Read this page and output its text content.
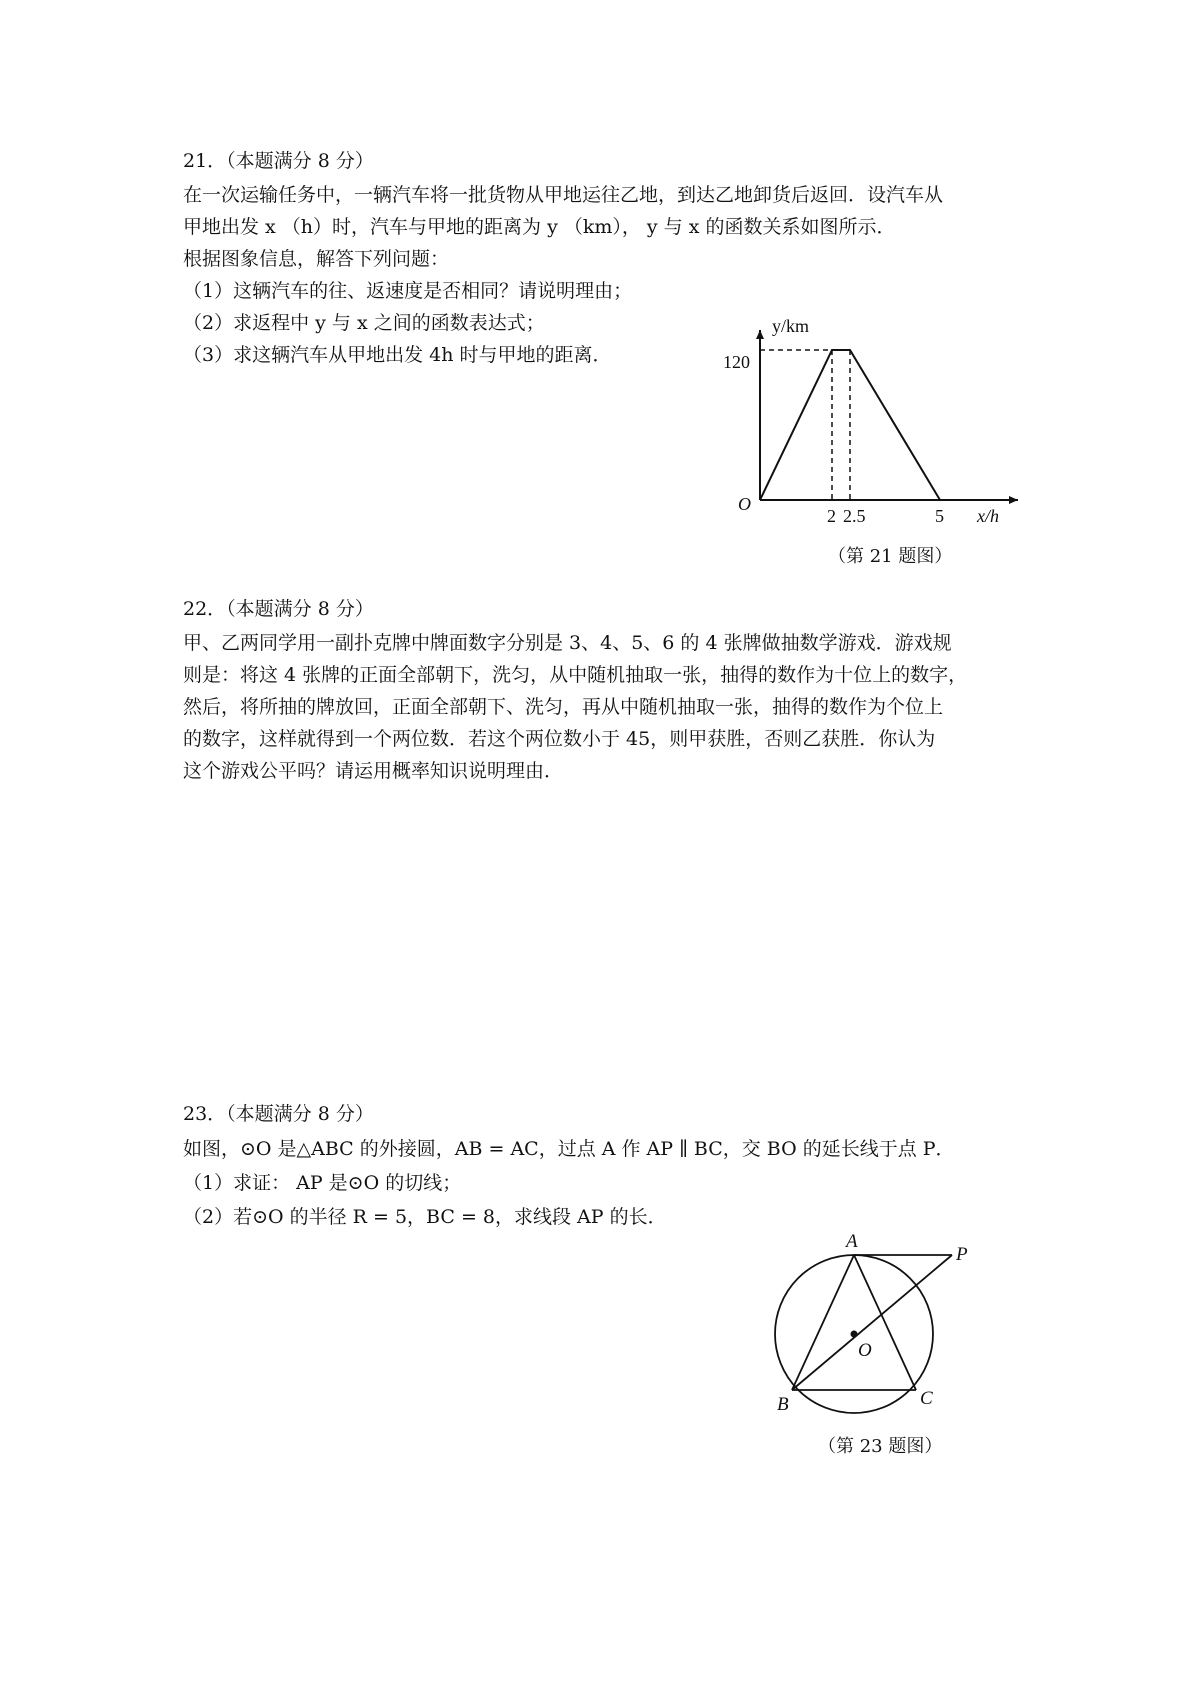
21．（本题满分 8 分）
在一次运输任务中，一辆汽车将一批货物从甲地运往乙地，到达乙地卸货后返回．设汽车从
甲地出发 x （h）时，汽车与甲地的距离为 y （km）， y 与 x 的函数关系如图所示．
根据图象信息，解答下列问题：
（1）这辆汽车的往、返速度是否相同？请说明理由；
（2）求返程中 y 与 x 之间的函数表达式；
（3）求这辆汽车从甲地出发 4h 时与甲地的距离．
y/km
x/h
O
120
2 2.5	5
（第 21 题图）
22．（本题满分 8 分）
甲、乙两同学用一副扑克牌中牌面数字分别是 3、4、5、6 的 4 张牌做抽数学游戏．游戏规
则是：将这 4 张牌的正面全部朝下，洗匀，从中随机抽取一张，抽得的数作为十位上的数字，
然后，将所抽的牌放回，正面全部朝下、洗匀，再从中随机抽取一张，抽得的数作为个位上
的数字，这样就得到一个两位数．若这个两位数小于 45，则甲获胜，否则乙获胜．你认为
这个游戏公平吗？请运用概率知识说明理由．
23．（本题满分 8 分）
如图，⊙O 是△ABC 的外接圆，AB = AC，过点 A 作 AP ∥ BC，交 BO 的延长线于点 P．
（1）求证： AP 是⊙O 的切线；
（2）若⊙O 的半径 R = 5，BC = 8，求线段 AP 的长．
A
P
O
B	C
（第 23 题图）
